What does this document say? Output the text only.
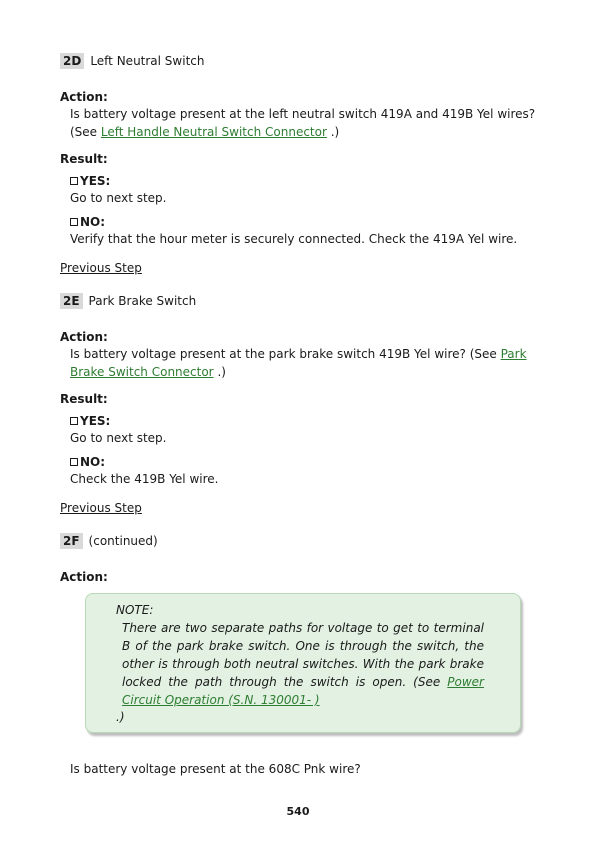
2D Left Neutral Switch
Action:
Is battery voltage present at the left neutral switch 419A and 419B Yel wires?
(See Left Handle Neutral Switch Connector .)
Result:
YES:
Go to next step.
NO:
Verify that the hour meter is securely connected. Check the 419A Yel wire.
Previous Step
2E Park Brake Switch
Action:
Is battery voltage present at the park brake switch 419B Yel wire? (See Park
Brake Switch Connector .)
Result:
YES:
Go to next step.
NO:
Check the 419B Yel wire.
Previous Step
2F (continued)
Action:
NOTE:
There are two separate paths for voltage to get to terminal B of the park brake switch. One is through the switch, the other is through both neutral switches. With the park brake locked the path through the switch is open. (See Power Circuit Operation (S.N. 130001- )
.)
Is battery voltage present at the 608C Pnk wire?
540
